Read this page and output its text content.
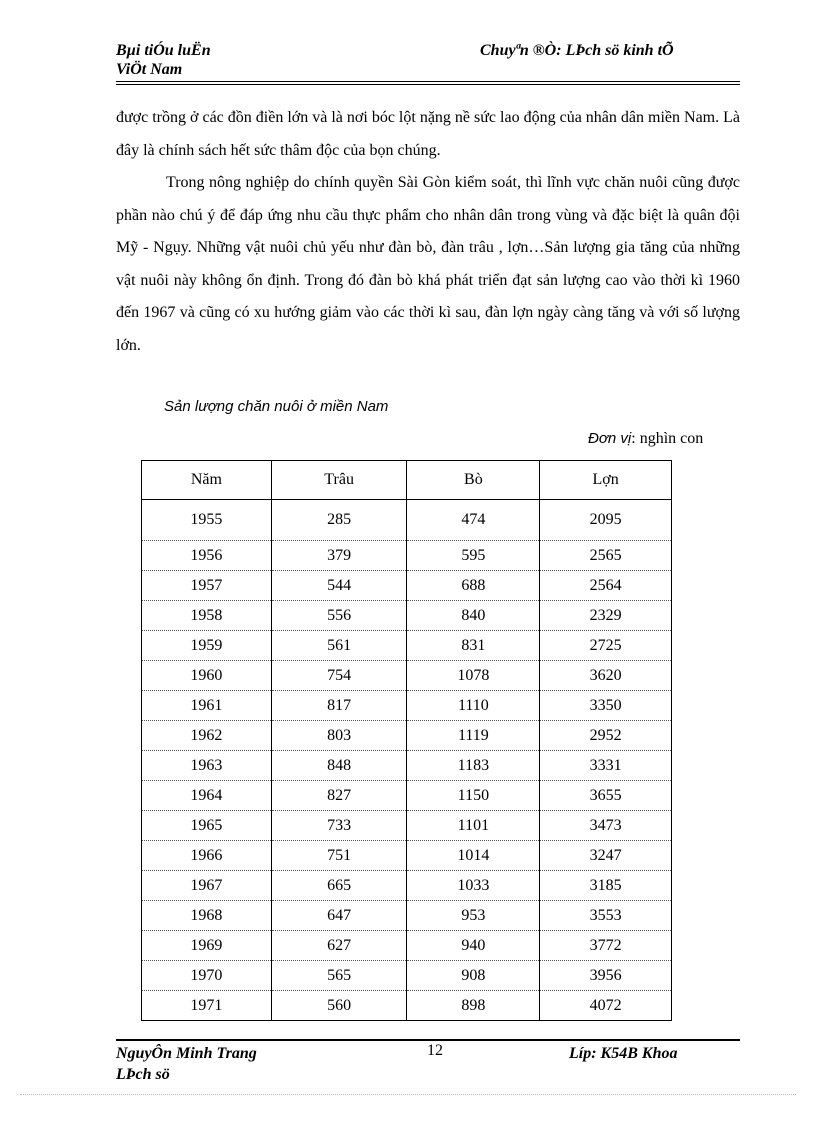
Bµi tiÓu luËn
ViÖt Nam
Chuyªn ®Ò: LÞch sö kinh tÕ

được trồng ở các đồn điền lớn và là nơi bóc lột nặng nề sức lao động của nhân dân miền Nam. Là đây là chính sách hết sức thâm độc của bọn chúng.

Trong nông nghiệp do chính quyền Sài Gòn kiểm soát, thì lĩnh vực chăn nuôi cũng được phần nào chú ý để đáp ứng nhu cầu thực phẩm cho nhân dân trong vùng và đặc biệt là quân đội Mỹ - Ngụy. Những vật nuôi chủ yếu như đàn bò, đàn trâu , lợn…Sản lượng gia tăng của những vật nuôi này không ổn định. Trong đó đàn bò khá phát triển đạt sản lượng cao vào thời kì 1960 đến 1967 và cũng có xu hướng giảm vào các thời kì sau, đàn lợn ngày càng tăng và với số lượng lớn.

Sản lượng chăn nuôi ở miền Nam
Đơn vị: nghìn con
Năm	Trâu	Bò	Lợn
1955	285	474	2095
1956	379	595	2565
1957	544	688	2564
1958	556	840	2329
1959	561	831	2725
1960	754	1078	3620
1961	817	1110	3350
1962	803	1119	2952
1963	848	1183	3331
1964	827	1150	3655
1965	733	1101	3473
1966	751	1014	3247
1967	665	1033	3185
1968	647	953	3553
1969	627	940	3772
1970	565	908	3956
1971	560	898	4072
NguyÔn Minh Trang
LÞch sö
12	Líp: K54B Khoa
